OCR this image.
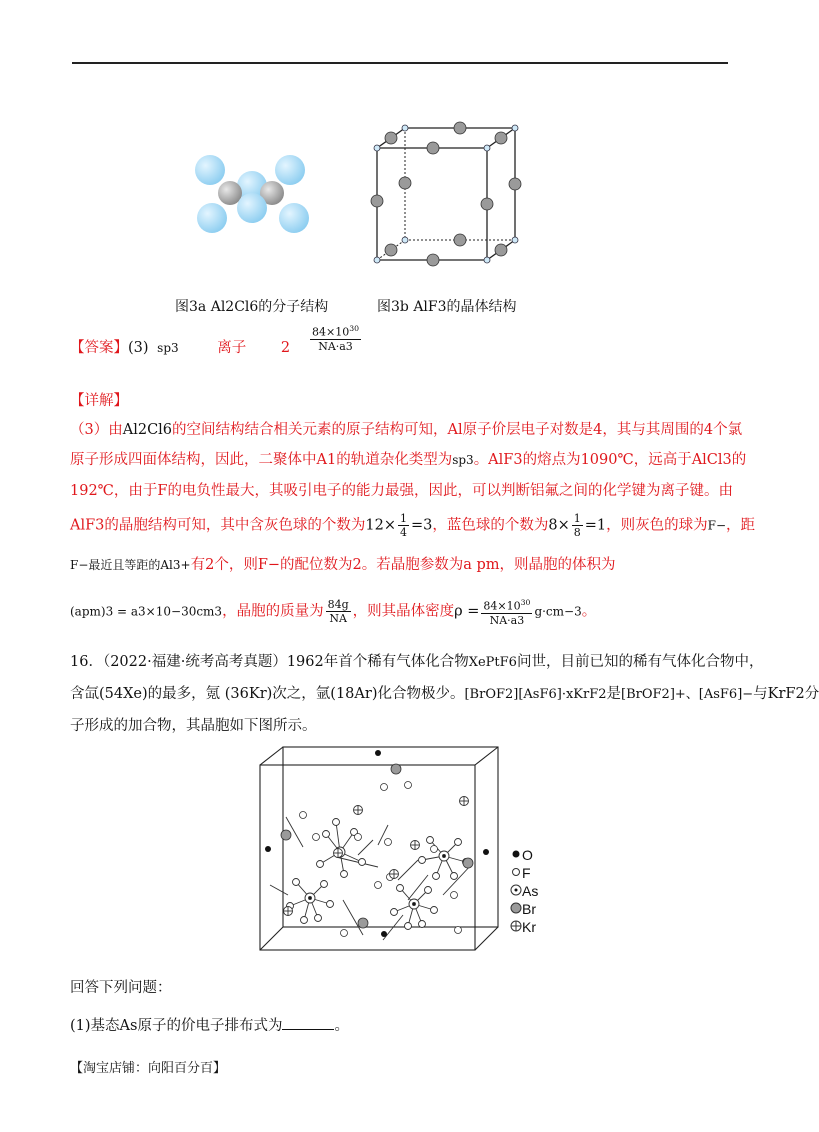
图3a Al2Cl6的分子结构	图3b AlF3的晶体结构
【答案】(3) sp3	离子 $2 \frac{84\times 10^{30}}{NA\cdot a3}$
【详解】
（3）由Al2Cl6的空间结构结合相关元素的原子结构可知，Al原子价层电子对数是4，其与其周围的4个氯
原子形成四面体结构，因此，二聚体中A1的轨道杂化类型为sp3。AlF3的熔点为1090℃，远高于AlCl3的
192℃，由于F的电负性最大，其吸引电子的能力最强，因此，可以判断铝氟之间的化学键为离子键。由
AlF3的晶胞结构可知，其中含灰色球的个数为$12\times \frac{1}{4} =3$，蓝色球的个数为$8\times \frac{1}{8} =1$，则灰色的球为F−，距
F−最近且等距的Al3+有2个，则F−的配位数为2。若晶胞参数为a pm，则晶胞的体积为
(apm)3 = a3×10−30cm3，晶胞的质量为 $\frac{84g}{NA}$ ，则其晶体密度$\rho = \frac{84\times 10^{30}}{NA\cdot a3} g\cdot cm-3$。
16．（2022·福建·统考高考真题）1962年首个稀有气体化合物XePtF6问世，目前已知的稀有气体化合物中，
含氙(54Xe)的最多，氪 (36Kr)次之，氩(18Ar)化合物极少。[BrOF2][AsF6]·xKrF2是[BrOF2]+、[AsF6]−与KrF2分
子形成的加合物，其晶胞如下图所示。
O
F
As
Br
Kr
回答下列问题：
(1)基态As原子的价电子排布式为	。
【淘宝店铺：向阳百分百】
